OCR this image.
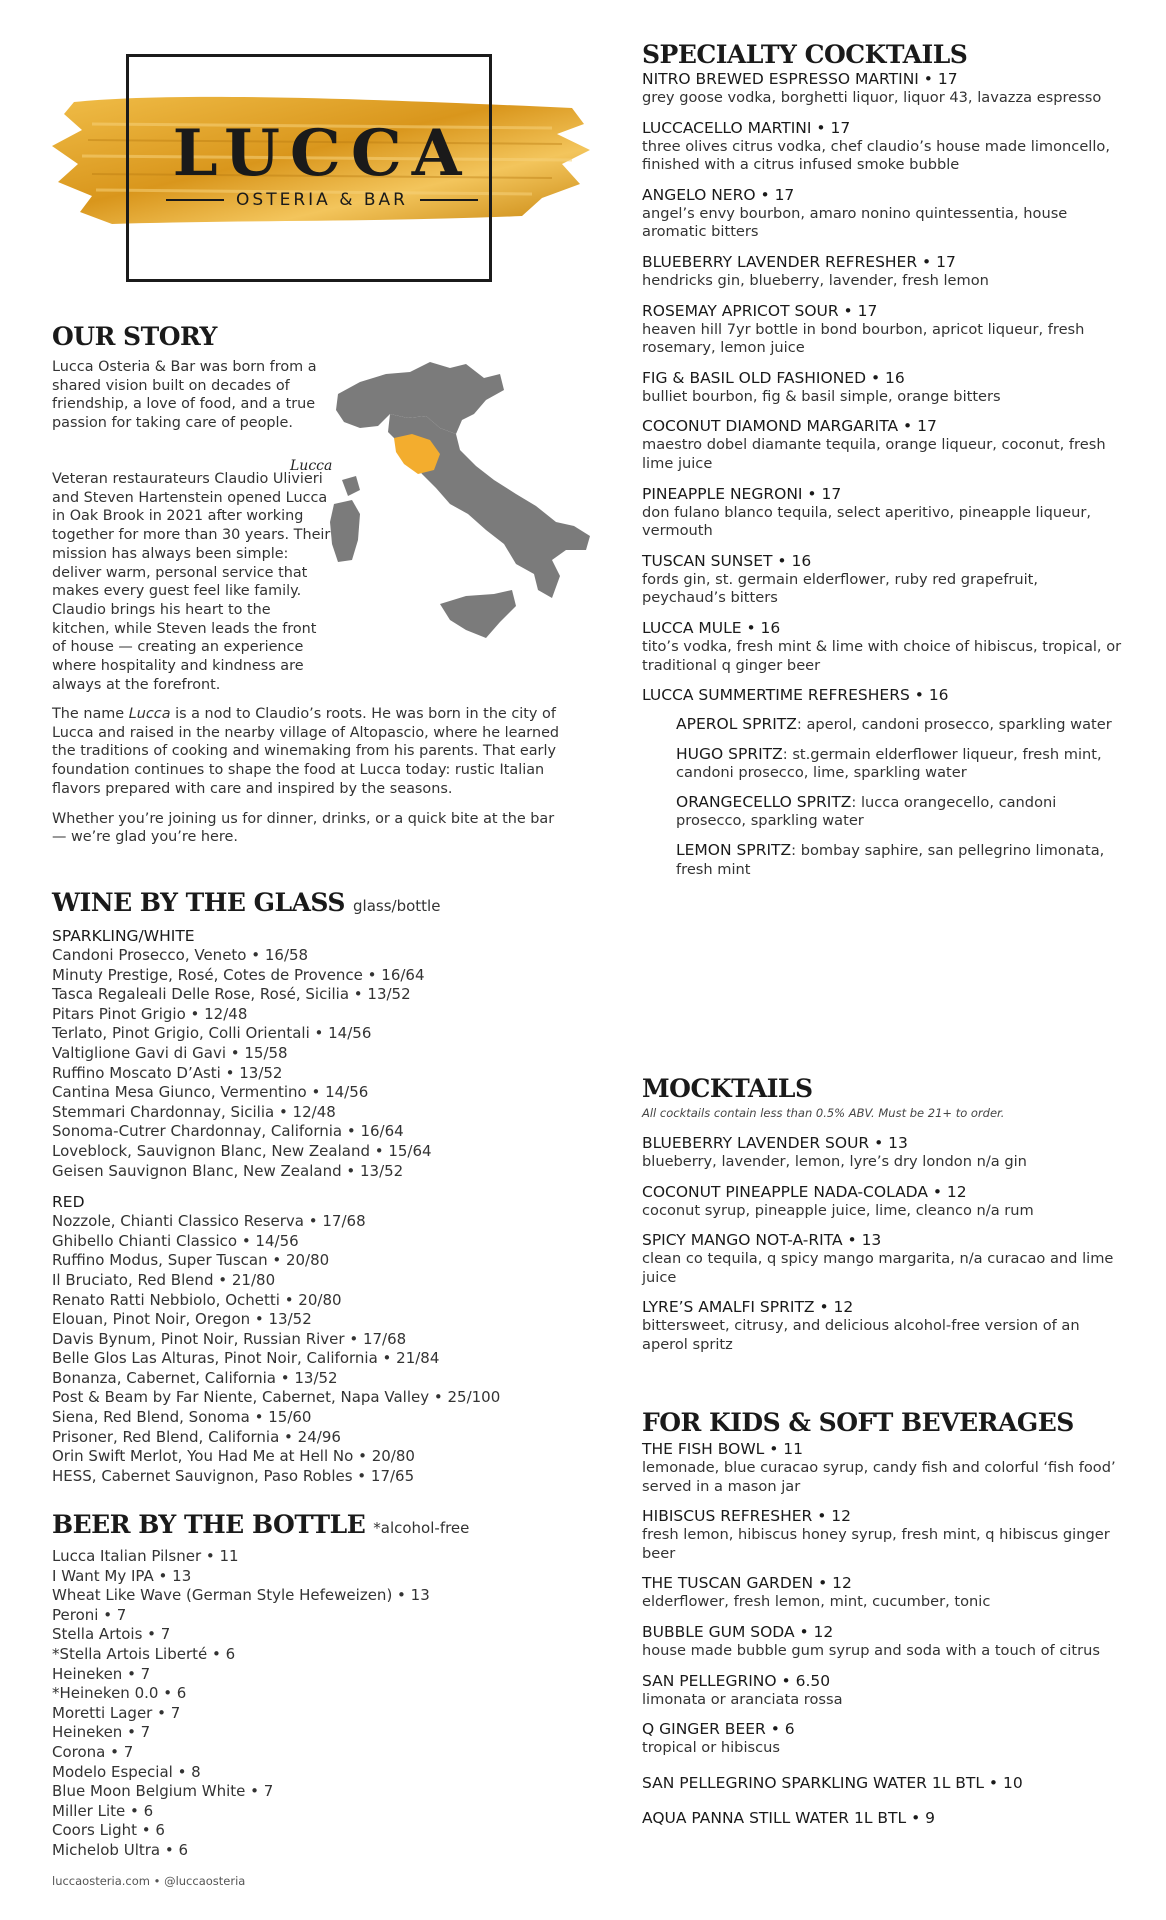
LUCCA
OSTERIA & BAR
Lucca
OUR STORY

Lucca Osteria & Bar was born from a shared vision built on decades of friendship, a love of food, and a true passion for taking care of people.

Veteran restaurateurs Claudio Ulivieri and Steven Hartenstein opened Lucca in Oak Brook in 2021 after working together for more than 30 years. Their mission has always been simple: deliver warm, personal service that makes every guest feel like family. Claudio brings his heart to the kitchen, while Steven leads the front of house — creating an experience where hospitality and kindness are always at the forefront.

The name Lucca is a nod to Claudio’s roots. He was born in the city of Lucca and raised in the nearby village of Altopascio, where he learned the traditions of cooking and winemaking from his parents. That early foundation continues to shape the food at Lucca today: rustic Italian flavors prepared with care and inspired by the seasons.

Whether you’re joining us for dinner, drinks, or a quick bite at the bar — we’re glad you’re here.

WINE BY THE GLASS glass/bottle
SPARKLING/WHITE
Candoni Prosecco, Veneto • 16/58
Minuty Prestige, Rosé, Cotes de Provence • 16/64
Tasca Regaleali Delle Rose, Rosé, Sicilia • 13/52
Pitars Pinot Grigio • 12/48
Terlato, Pinot Grigio, Colli Orientali • 14/56
Valtiglione Gavi di Gavi • 15/58
Ruffino Moscato D’Asti • 13/52
Cantina Mesa Giunco, Vermentino • 14/56
Stemmari Chardonnay, Sicilia • 12/48
Sonoma-Cutrer Chardonnay, California • 16/64
Loveblock, Sauvignon Blanc, New Zealand • 15/64
Geisen Sauvignon Blanc, New Zealand • 13/52
RED
Nozzole, Chianti Classico Reserva • 17/68
Ghibello Chianti Classico • 14/56
Ruffino Modus, Super Tuscan • 20/80
Il Bruciato, Red Blend • 21/80
Renato Ratti Nebbiolo, Ochetti • 20/80
Elouan, Pinot Noir, Oregon • 13/52
Davis Bynum, Pinot Noir, Russian River • 17/68
Belle Glos Las Alturas, Pinot Noir, California • 21/84
Bonanza, Cabernet, California • 13/52
Post & Beam by Far Niente, Cabernet, Napa Valley • 25/100
Siena, Red Blend, Sonoma • 15/60
Prisoner, Red Blend, California • 24/96
Orin Swift Merlot, You Had Me at Hell No • 20/80
HESS, Cabernet Sauvignon, Paso Robles • 17/65
BEER BY THE BOTTLE *alcohol-free
Lucca Italian Pilsner • 11
I Want My IPA • 13
Wheat Like Wave (German Style Hefeweizen) • 13
Peroni • 7
Stella Artois • 7
*Stella Artois Liberté • 6
Heineken • 7
*Heineken 0.0 • 6
Moretti Lager • 7
Heineken • 7
Corona • 7
Modelo Especial • 8
Blue Moon Belgium White • 7
Miller Lite • 6
Coors Light • 6
Michelob Ultra • 6
luccaosteria.com • @luccaosteria
SPECIALTY COCKTAILS
NITRO BREWED ESPRESSO MARTINI • 17
grey goose vodka, borghetti liquor, liquor 43, lavazza espresso
LUCCACELLO MARTINI • 17
three olives citrus vodka, chef claudio’s house made limoncello, finished with a citrus infused smoke bubble
ANGELO NERO • 17
angel’s envy bourbon, amaro nonino quintessentia, house aromatic bitters
BLUEBERRY LAVENDER REFRESHER • 17
hendricks gin, blueberry, lavender, fresh lemon
ROSEMAY APRICOT SOUR • 17
heaven hill 7yr bottle in bond bourbon, apricot liqueur, fresh rosemary, lemon juice
FIG & BASIL OLD FASHIONED • 16
bulliet bourbon, fig & basil simple, orange bitters
COCONUT DIAMOND MARGARITA • 17
maestro dobel diamante tequila, orange liqueur, coconut, fresh lime juice
PINEAPPLE NEGRONI • 17
don fulano blanco tequila, select aperitivo, pineapple liqueur, vermouth
TUSCAN SUNSET • 16
fords gin, st. germain elderflower, ruby red grapefruit, peychaud’s bitters
LUCCA MULE • 16
tito’s vodka, fresh mint & lime with choice of hibiscus, tropical, or traditional q ginger beer
LUCCA SUMMERTIME REFRESHERS • 16
APEROL SPRITZ: aperol, candoni prosecco, sparkling water
HUGO SPRITZ: st.germain elderflower liqueur, fresh mint, candoni prosecco, lime, sparkling water
ORANGECELLO SPRITZ: lucca orangecello, candoni prosecco, sparkling water
LEMON SPRITZ: bombay saphire, san pellegrino limonata, fresh mint
MOCKTAILS
All cocktails contain less than 0.5% ABV. Must be 21+ to order.
BLUEBERRY LAVENDER SOUR • 13
blueberry, lavender, lemon, lyre’s dry london n/a gin
COCONUT PINEAPPLE NADA-COLADA • 12
coconut syrup, pineapple juice, lime, cleanco n/a rum
SPICY MANGO NOT-A-RITA • 13
clean co tequila, q spicy mango margarita, n/a curacao and lime juice
LYRE’S AMALFI SPRITZ • 12
bittersweet, citrusy, and delicious alcohol-free version of an aperol spritz
FOR KIDS & SOFT BEVERAGES
THE FISH BOWL • 11
lemonade, blue curacao syrup, candy fish and colorful ‘fish food’ served in a mason jar
HIBISCUS REFRESHER • 12
fresh lemon, hibiscus honey syrup, fresh mint, q hibiscus ginger beer
THE TUSCAN GARDEN • 12
elderflower, fresh lemon, mint, cucumber, tonic
BUBBLE GUM SODA • 12
house made bubble gum syrup and soda with a touch of citrus
SAN PELLEGRINO • 6.50
limonata or aranciata rossa
Q GINGER BEER • 6
tropical or hibiscus
SAN PELLEGRINO SPARKLING WATER 1L BTL • 10
AQUA PANNA STILL WATER 1L BTL • 9
